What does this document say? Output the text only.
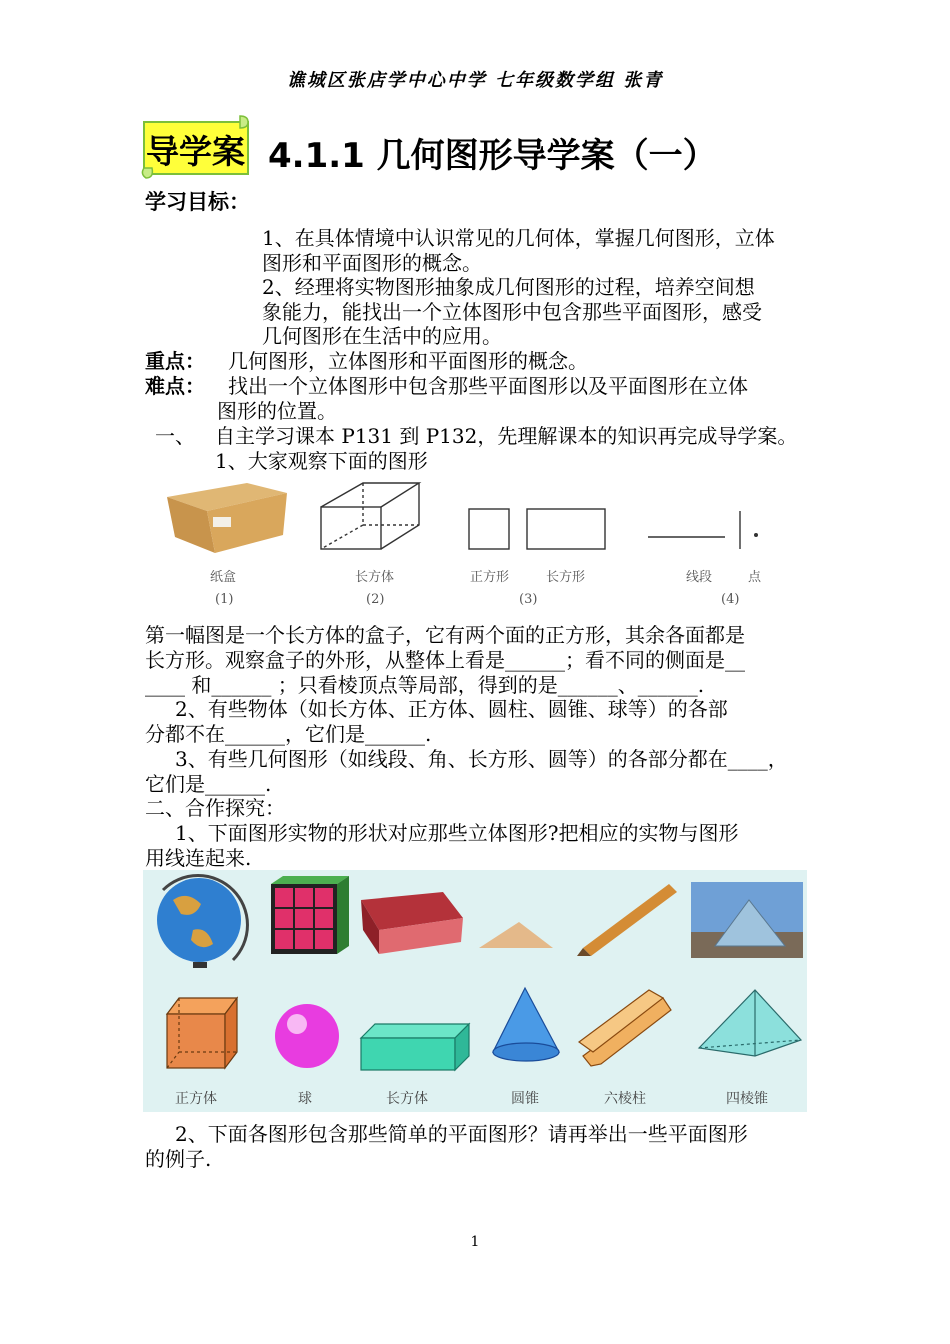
谯城区张店学中心中学 七年级数学组 张青
导学案 4.1.1 几何图形导学案（一）
学习目标：
1、在具体情境中认识常见的几何体，掌握几何图形，立体
图形和平面图形的概念。
2、经理将实物图形抽象成几何图形的过程，培养空间想
象能力，能找出一个立体图形中包含那些平面图形，感受
几何图形在生活中的应用。
重点： 几何图形，立体图形和平面图形的概念。
难点： 找出一个立体图形中包含那些平面图形以及平面图形在立体
图形的位置。
一、 自主学习课本 P131 到 P132，先理解课本的知识再完成导学案。
1、大家观察下面的图形
纸盒	长方体	正方形	长方形	线段	点
(1)	(2)	(3)	(4)
第一幅图是一个长方体的盒子，它有两个面的正方形，其余各面都是
长方形。观察盒子的外形，从整体上看是______；看不同的侧面是__
____ 和______ ；只看棱顶点等局部，得到的是______、______.
2、有些物体（如长方体、正方体、圆柱、圆锥、球等）的各部
分都不在______，它们是______.
3、有些几何图形（如线段、角、长方形、圆等）的各部分都在____，
它们是______.
二、合作探究：
1、下面图形实物的形状对应那些立体图形?把相应的实物与图形
用线连起来.
正方体	球	长方体	圆锥	六棱柱	四棱锥
2、下面各图形包含那些简单的平面图形？请再举出一些平面图形
的例子.
1
